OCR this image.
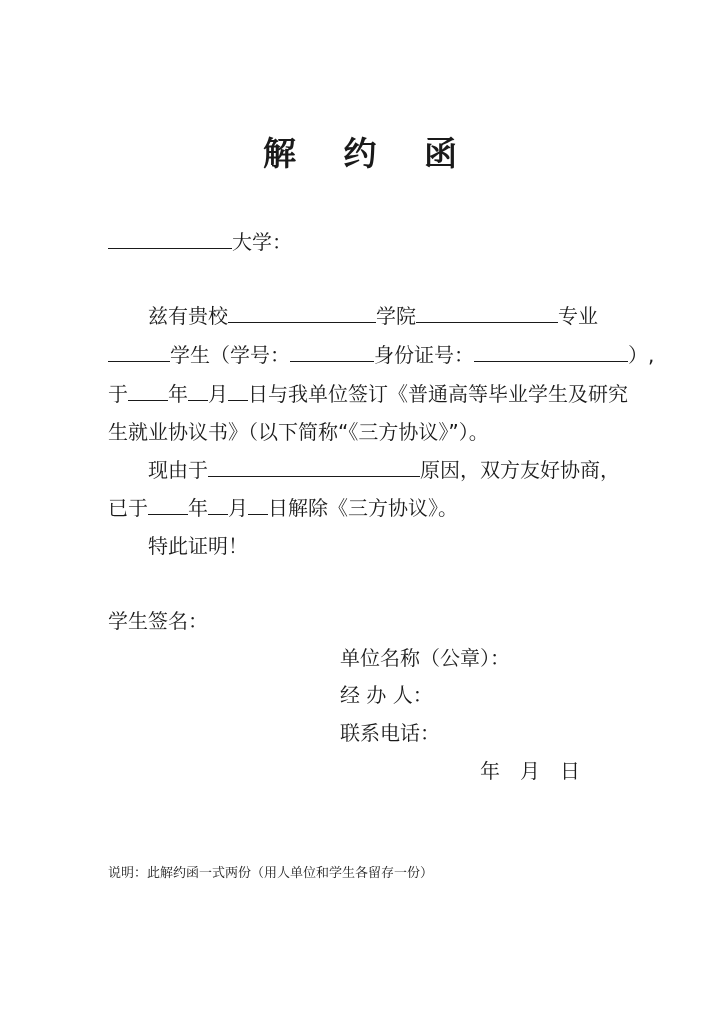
解 约 函
大学：
兹有贵校	学院	专业
学生（学号：	身份证号：	）,
于 年 月 日与我单位签订《普通高等毕业学生及研究
生就业协议书》（以下简称“《三方协议》”）。
现由于	原因，双方友好协商，
已于 年 月 日解除《三方协议》。
特此证明！
学生签名：
单位名称（公章）：
经 办 人：
联系电话：
年　月　日
说明：此解约函一式两份（用人单位和学生各留存一份）
